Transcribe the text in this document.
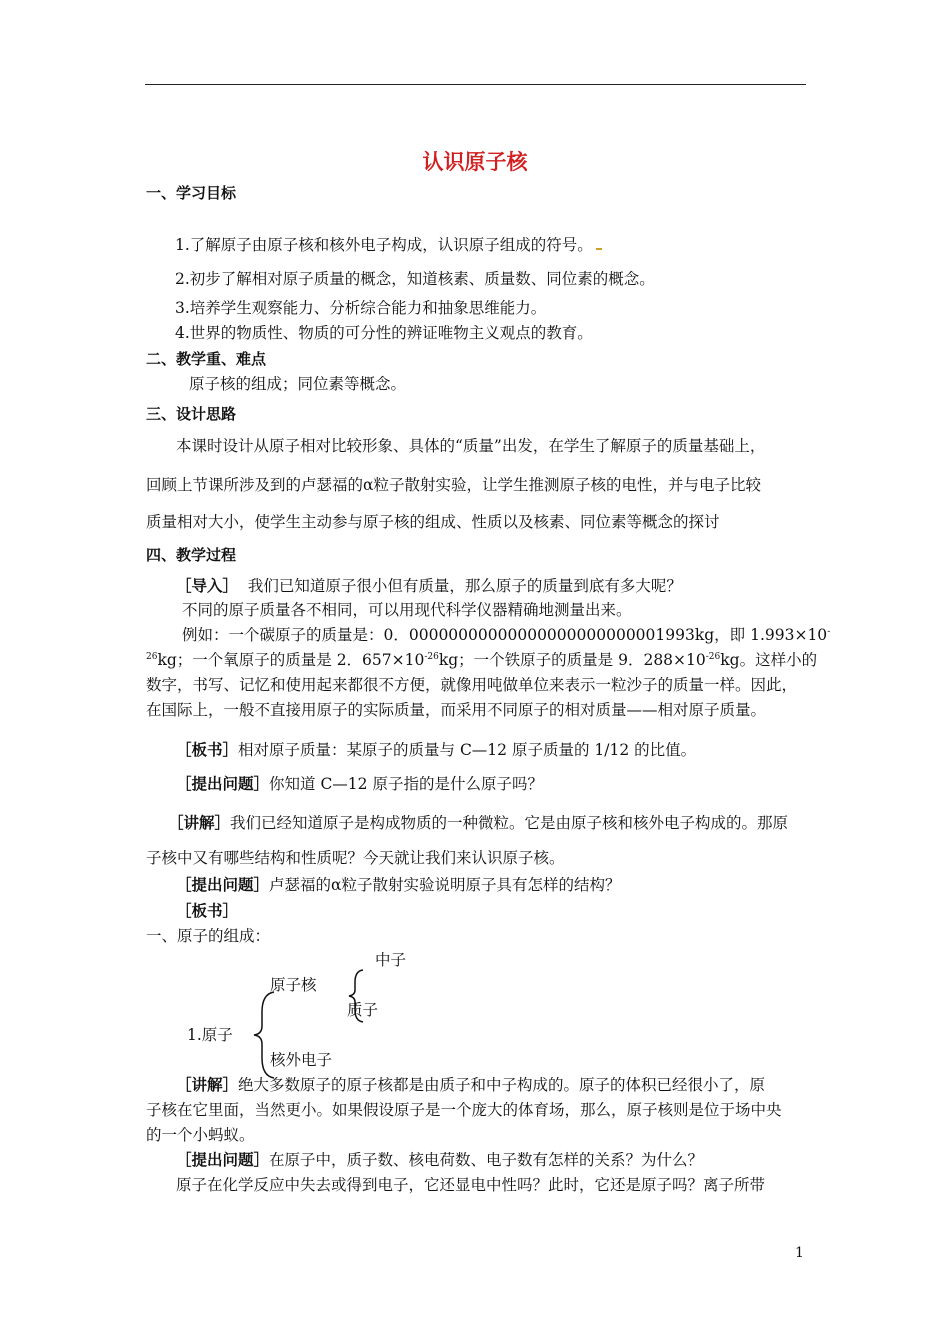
认识原子核
一、学习目标
1.了解原子由原子核和核外电子构成，认识原子组成的符号。
2.初步了解相对原子质量的概念，知道核素、质量数、同位素的概念。
3.培养学生观察能力、分析综合能力和抽象思维能力。
4.世界的物质性、物质的可分性的辨证唯物主义观点的教育。
二、教学重、难点
原子核的组成；同位素等概念。
三、设计思路
本课时设计从原子相对比较形象、具体的“质量”出发，在学生了解原子的质量基础上，
回顾上节课所涉及到的卢瑟福的α粒子散射实验，让学生推测原子核的电性，并与电子比较
质量相对大小，使学生主动参与原子核的组成、性质以及核素、同位素等概念的探讨
四、教学过程
［导入］ 我们已知道原子很小但有质量，那么原子的质量到底有多大呢？
不同的原子质量各不相同，可以用现代科学仪器精确地测量出来。
例如：一个碳原子的质量是：0．00000000000000000000000001993kg，即 1.993×10-
$^{26}$kg；一个氧原子的质量是 2．$657\times 10^{-26}kg$；一个铁原子的质量是 9．$288\times 10^{-26}kg$。这样小的
数字，书写、记忆和使用起来都很不方便，就像用吨做单位来表示一粒沙子的质量一样。因此，
在国际上，一般不直接用原子的实际质量，而采用不同原子的相对质量——相对原子质量。
［板书］相对原子质量：某原子的质量与 C—12 原子质量的 1/12 的比值。
［提出问题］你知道 C—12 原子指的是什么原子吗？
［讲解］我们已经知道原子是构成物质的一种微粒。它是由原子核和核外电子构成的。那原
子核中又有哪些结构和性质呢？今天就让我们来认识原子核。
［提出问题］卢瑟福的α粒子散射实验说明原子具有怎样的结构？
［板书］
一、原子的组成：
中子
原子核
质子
1.原子
核外电子
［讲解］绝大多数原子的原子核都是由质子和中子构成的。原子的体积已经很小了，原
子核在它里面，当然更小。如果假设原子是一个庞大的体育场，那么，原子核则是位于场中央
的一个小蚂蚁。
［提出问题］在原子中，质子数、核电荷数、电子数有怎样的关系？为什么？
原子在化学反应中失去或得到电子，它还显电中性吗？此时，它还是原子吗？离子所带
1
